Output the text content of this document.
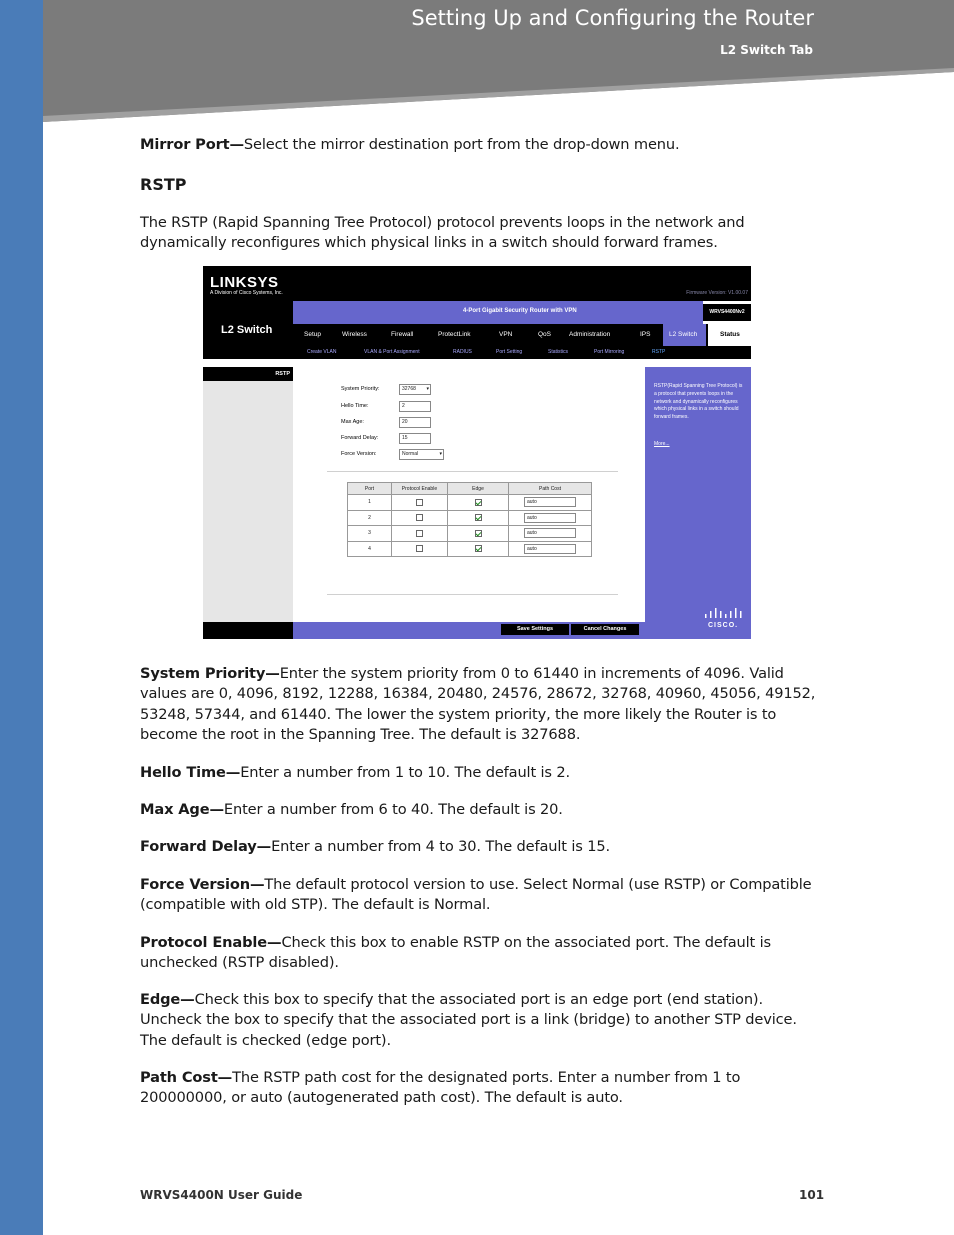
Setting Up and Configuring the Router
L2 Switch Tab
Mirror Port—Select the mirror destination port from the drop-down menu.
RSTP
The RSTP (Rapid Spanning Tree Protocol) protocol prevents loops in the network and dynamically reconfigures which physical links in a switch should forward frames.
System Priority—Enter the system priority from 0 to 61440 in increments of 4096. Valid values are 0, 4096, 8192, 12288, 16384, 20480, 24576, 28672, 32768, 40960, 45056, 49152, 53248, 57344, and 61440. The lower the system priority, the more likely the Router is to become the root in the Spanning Tree. The default is 327688.
Hello Time—Enter a number from 1 to 10. The default is 2.
Max Age—Enter a number from 6 to 40. The default is 20.
Forward Delay—Enter a number from 4 to 30. The default is 15.
Force Version—The default protocol version to use. Select Normal (use RSTP) or Compatible (compatible with old STP). The default is Normal.
Protocol Enable—Check this box to enable RSTP on the associated port. The default is unchecked (RSTP disabled).
Edge—Check this box to specify that the associated port is an edge port (end station). Uncheck the box to specify that the associated port is a link (bridge) to another STP device. The default is checked (edge port).
Path Cost—The RSTP path cost for the designated ports. Enter a number from 1 to 200000000, or auto (autogenerated path cost). The default is auto.
LINKSYS
A Division of Cisco Systems, Inc.	Firmware Version: V1.00.07
L2 Switch
4-Port Gigabit Security Router with VPN	WRVS4400Nv2
Setup	Wireless	Firewall	ProtectLink	VPN	QoS	Administration	IPS	L2 Switch	Status
Create VLAN	VLAN & Port Assignment	RADIUS	Port Setting	Statistics	Port Mirroring	RSTP
RSTP
System Priority:	32768 ▾
Hello Time:	2
Max Age:	20
Forward Delay:	15
Force Version:	Normal	▾
Port	Protocol Enable	Edge	Path Cost
1			auto
2			auto
3			auto
4			auto
RSTP(Rapid Spanning Tree Protocol) is a protocol that prevents loops in the network and dynamically reconfigures which physical links in a switch should forward frames.
More...
Save Settings	Cancel Changes	CISCO.
WRVS4400N User Guide	101
